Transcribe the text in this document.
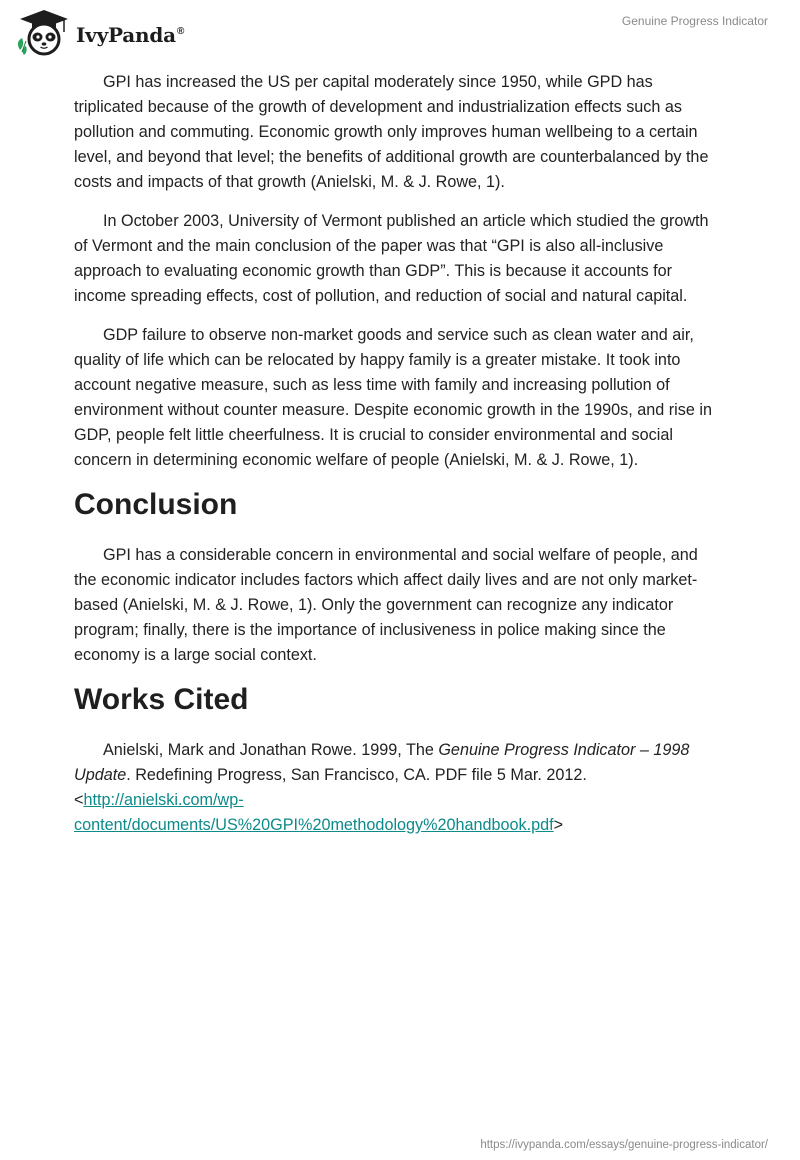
IvyPanda®
Genuine Progress Indicator

GPI has increased the US per capital moderately since 1950, while GPD has triplicated because of the growth of development and industrialization effects such as pollution and commuting. Economic growth only improves human wellbeing to a certain level, and beyond that level; the benefits of additional growth are counterbalanced by the costs and impacts of that growth (Anielski, M. & J. Rowe, 1).

In October 2003, University of Vermont published an article which studied the growth of Vermont and the main conclusion of the paper was that “GPI is also all-inclusive approach to evaluating economic growth than GDP”. This is because it accounts for income spreading effects, cost of pollution, and reduction of social and natural capital.

GDP failure to observe non-market goods and service such as clean water and air, quality of life which can be relocated by happy family is a greater mistake. It took into account negative measure, such as less time with family and increasing pollution of environment without counter measure. Despite economic growth in the 1990s, and rise in GDP, people felt little cheerfulness. It is crucial to consider environmental and social concern in determining economic welfare of people (Anielski, M. & J. Rowe, 1).

Conclusion

GPI has a considerable concern in environmental and social welfare of people, and the economic indicator includes factors which affect daily lives and are not only market-based (Anielski, M. & J. Rowe, 1). Only the government can recognize any indicator program; finally, there is the importance of inclusiveness in police making since the economy is a large social context.

Works Cited

Anielski, Mark and Jonathan Rowe. 1999, The Genuine Progress Indicator – 1998 Update. Redefining Progress, San Francisco, CA. PDF file 5 Mar. 2012. <http://anielski.com/wp-content/documents/US%20GPI%20methodology%20handbook.pdf>

https://ivypanda.com/essays/genuine-progress-indicator/
